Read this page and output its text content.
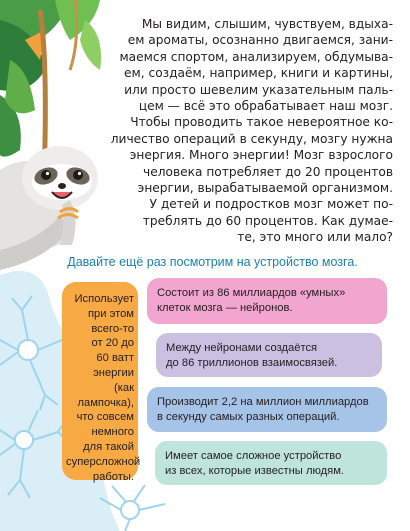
Мы видим, слышим, чувствуем, вдыха-

ем ароматы, осознанно двигаемся, зани-

маемся спортом, анализируем, обдумыва-

ем, создаём, например, книги и картины,

или просто шевелим указательным паль-

цем — всё это обрабатывает наш мозг.

Чтобы проводить такое невероятное ко-

личество операций в секунду, мозгу нужна

энергия. Много энергии! Мозг взрослого

человека потребляет до 20 процентов

энергии, вырабатываемой организмом.

У детей и подростков мозг может по-

треблять до 60 процентов. Как думае-

те, это много или мало?

Давайте ещё раз посмотрим на устройство мозга.
Использует
при этом
всего-то
от 20 до
60 ватт
энергии
(как
лампочка),
что совсем
немного
для такой
суперсложной
работы.
Состоит из 86 миллиардов «умных»
клеток мозга — нейронов.
Между нейронами создаётся
до 86 триллионов взаимосвязей.
Производит 2,2 на миллион миллиардов
в секунду самых разных операций.
Имеет самое сложное устройство
из всех, которые известны людям.
